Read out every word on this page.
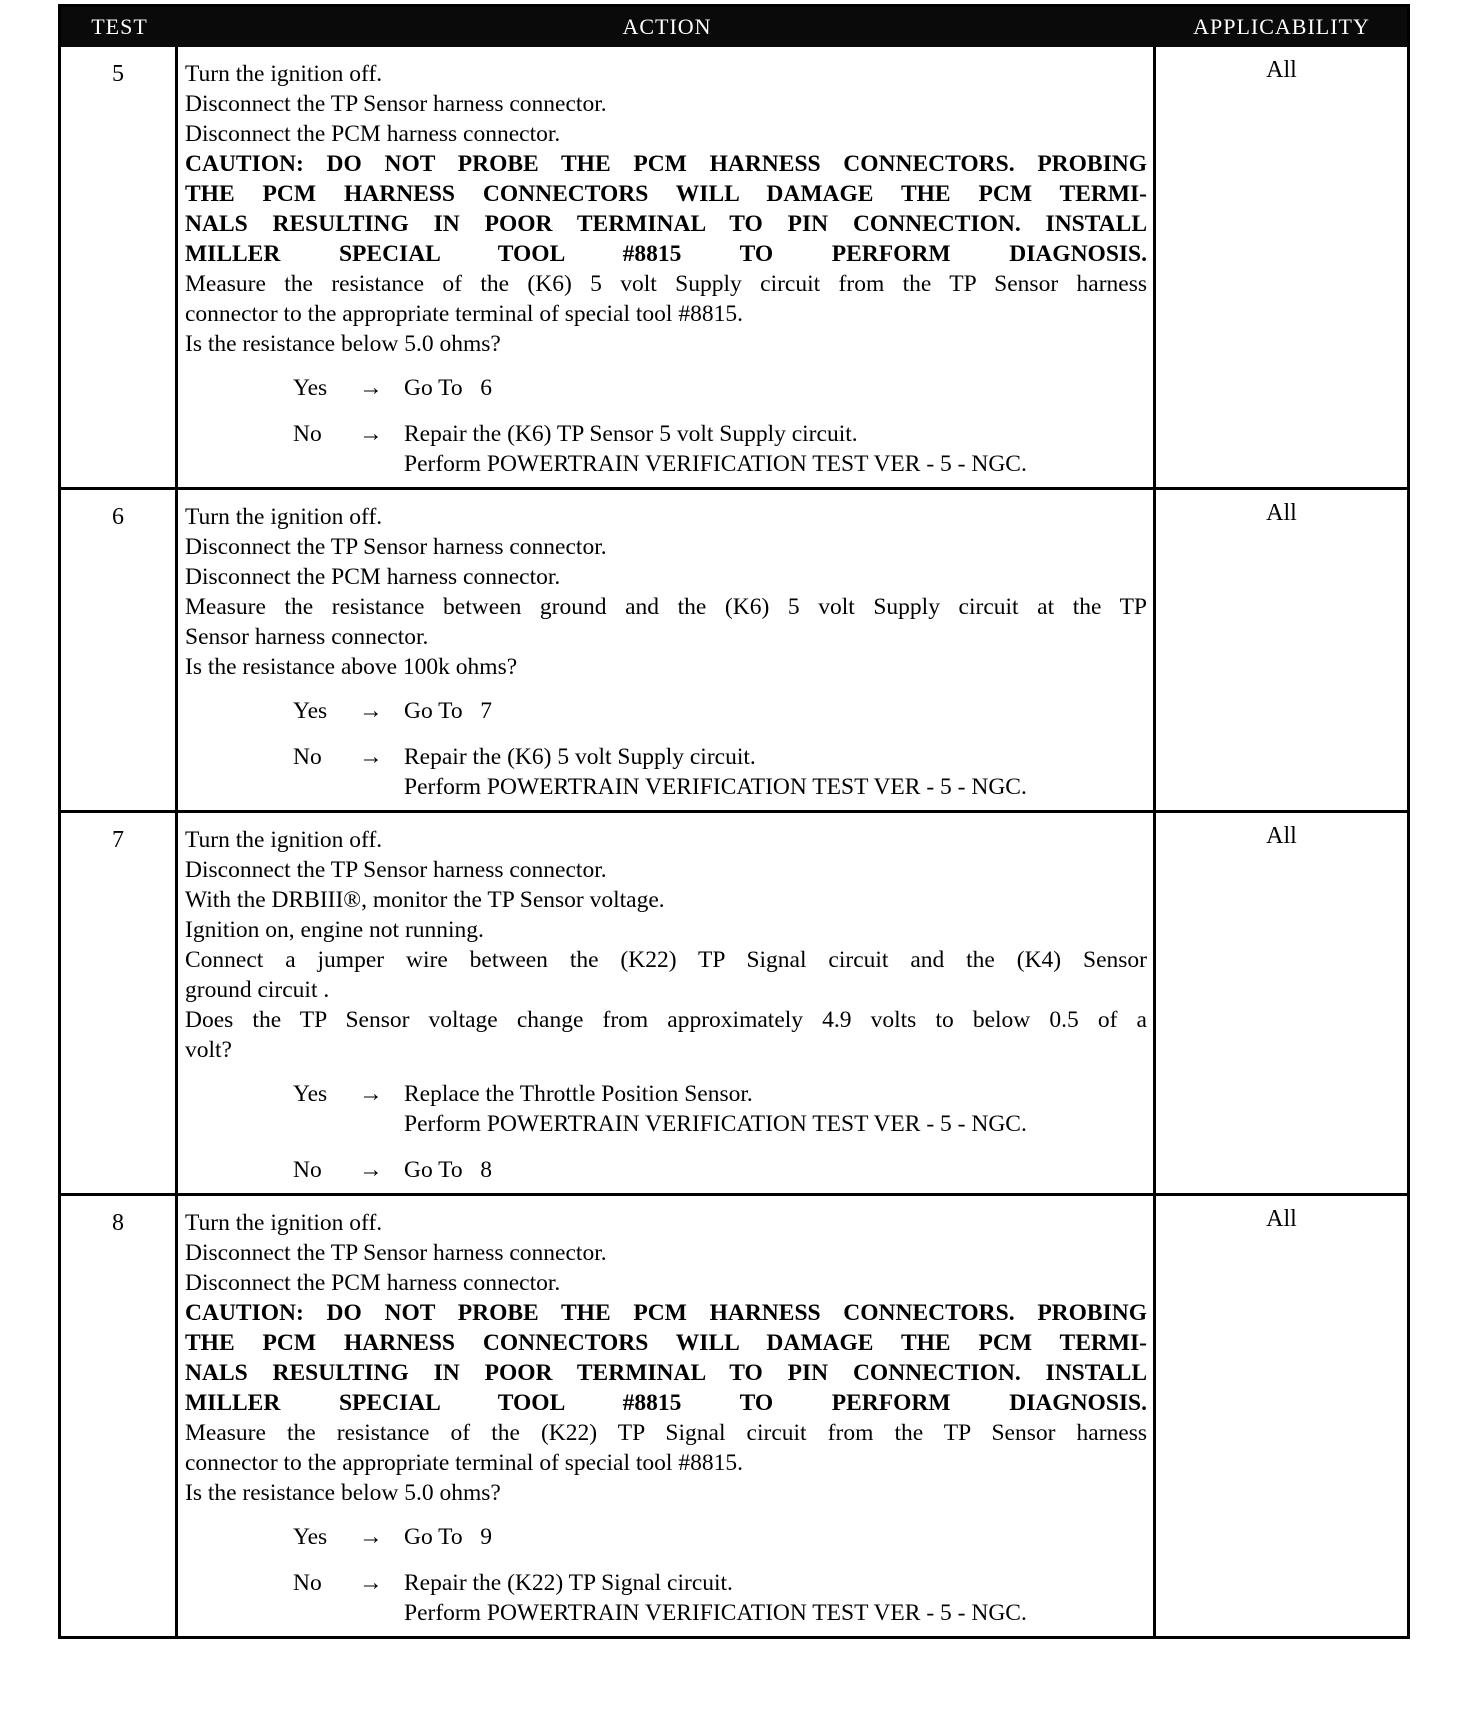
TEST	ACTION	APPLICABILITY
5	Turn the ignition off.
Disconnect the TP Sensor harness connector.
Disconnect the PCM harness connector.
CAUTION: DO NOT PROBE THE PCM HARNESS CONNECTORS. PROBING
THE PCM HARNESS CONNECTORS WILL DAMAGE THE PCM TERMI-
NALS RESULTING IN POOR TERMINAL TO PIN CONNECTION. INSTALL
MILLER SPECIAL TOOL #8815 TO PERFORM DIAGNOSIS.
Measure the resistance of the (K6) 5 volt Supply circuit from the TP Sensor harness
connector to the appropriate terminal of special tool #8815.
Is the resistance below 5.0 ohms?
Yes	→ Go To   6
No	→ Repair the (K6) TP Sensor 5 volt Supply circuit.
Perform POWERTRAIN VERIFICATION TEST VER - 5 - NGC.
All
6	Turn the ignition off.
Disconnect the TP Sensor harness connector.
Disconnect the PCM harness connector.
Measure the resistance between ground and the (K6) 5 volt Supply circuit at the TP
Sensor harness connector.
Is the resistance above 100k ohms?
Yes	→ Go To   7
No	→ Repair the (K6) 5 volt Supply circuit.
Perform POWERTRAIN VERIFICATION TEST VER - 5 - NGC.
All
7	Turn the ignition off.
Disconnect the TP Sensor harness connector.
With the DRBIII®, monitor the TP Sensor voltage.
Ignition on, engine not running.
Connect a jumper wire between the (K22) TP Signal circuit and the (K4) Sensor
ground circuit .
Does the TP Sensor voltage change from approximately 4.9 volts to below 0.5 of a
volt?
Yes	→ Replace the Throttle Position Sensor.
Perform POWERTRAIN VERIFICATION TEST VER - 5 - NGC.
No	→ Go To   8
All
8	Turn the ignition off.
Disconnect the TP Sensor harness connector.
Disconnect the PCM harness connector.
CAUTION: DO NOT PROBE THE PCM HARNESS CONNECTORS. PROBING
THE PCM HARNESS CONNECTORS WILL DAMAGE THE PCM TERMI-
NALS RESULTING IN POOR TERMINAL TO PIN CONNECTION. INSTALL
MILLER SPECIAL TOOL #8815 TO PERFORM DIAGNOSIS.
Measure the resistance of the (K22) TP Signal circuit from the TP Sensor harness
connector to the appropriate terminal of special tool #8815.
Is the resistance below 5.0 ohms?
Yes	→ Go To   9
No	→ Repair the (K22) TP Signal circuit.
Perform POWERTRAIN VERIFICATION TEST VER - 5 - NGC.
All
